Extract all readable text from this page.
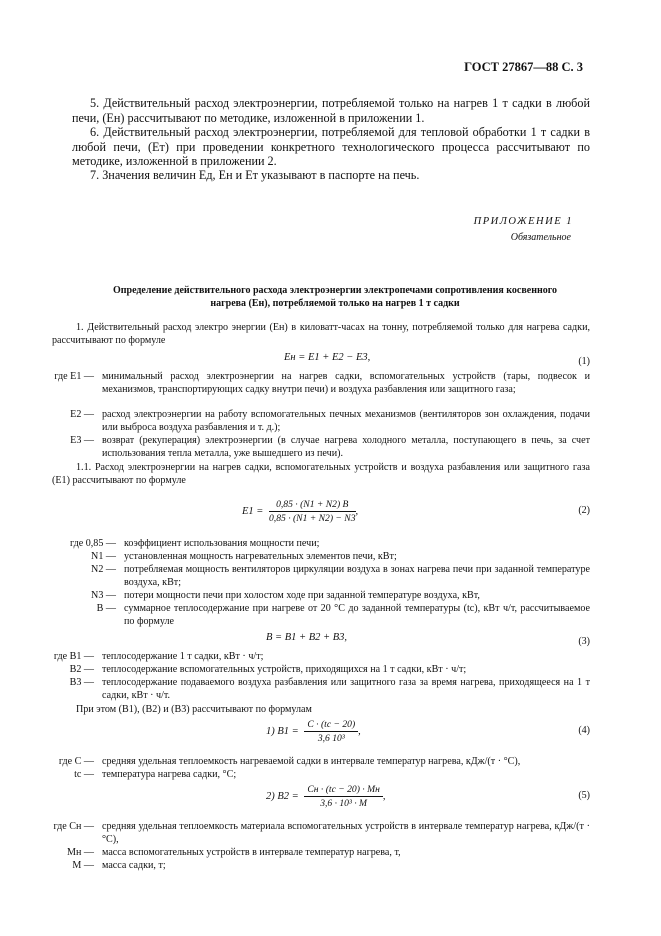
ГОСТ 27867—88 С. 3
5. Действительный расход электроэнергии, потребляемой только на нагрев 1 т садки в любой печи, (Eн) рассчитывают по методике, изложенной в приложении 1.
6. Действительный расход электроэнергии, потребляемой для тепловой обработки 1 т садки в любой печи, (Eт) при проведении конкретного технологического процесса рассчитывают по методике, изложенной в приложении 2.
7. Значения величин Eд, Eн и Eт указывают в паспорте на печь.
ПРИЛОЖЕНИЕ 1
Обязательное
Определение действительного расхода электроэнергии электропечами сопротивления косвенного
нагрева (Eн), потребляемой только на нагрев 1 т садки
1. Действительный расход электро энергии (Eн) в киловатт-часах на тонну, потребляемой только для нагрева садки, рассчитывают по формуле
Eн = E1 + E2 − E3,	(1)
где E1 — минимальный расход электроэнергии на нагрев садки, вспомогательных устройств (тары, подвесок и механизмов, транспортирующих садку внутри печи) и воздуха разбавления или защитного газа;
E2 — расход электроэнергии на работу вспомогательных печных механизмов (вентиляторов зон охлаждения, подачи или выброса воздуха разбавления и т. д.);
E3 — возврат (рекуперация) электроэнергии (в случае нагрева холодного металла, поступающего в печь, за счет использования тепла металла, уже вышедшего из печи).
1.1. Расход электроэнергии на нагрев садки, вспомогательных устройств и воздуха разбавления или защитного газа (E1) рассчитывают по формуле
$E1 = \frac{0,85 \cdot (N1 + N2) B}{0,85 \cdot (N1 + N2) - N3}$ ,	(2)
где 0,85 — коэффициент использования мощности печи;
N1 — установленная мощность нагревательных элементов печи, кВт;
N2 — потребляемая мощность вентиляторов циркуляции воздуха в зонах нагрева печи при заданной температуре воздуха, кВт;
N3 — потери мощности печи при холостом ходе при заданной температуре воздуха, кВт,
B — суммарное теплосодержание при нагреве от 20 °С до заданной температуры (tс), кВт ч/т, рассчитываемое по формуле
B = B1 + B2 + B3,	(3)
где B1 — теплосодержание 1 т садки, кВт · ч/т;
B2 — теплосодержание вспомогательных устройств, приходящихся на 1 т садки, кВт · ч/т;
B3 — теплосодержание подаваемого воздуха разбавления или защитного газа за время нагрева, приходящееся на 1 т садки, кВт · ч/т.
При этом (B1), (B2) и (B3) рассчитывают по формулам
1) $B1 = \frac{C \cdot (tс - 20)}{\text{3,6 10³}}$ ,	(4)
где C — средняя удельная теплоемкость нагреваемой садки в интервале температур нагрева, кДж/(т · °С),
tс — температура нагрева садки, °С;
2) $B2 = \frac{Cн \cdot (tс - 20) \cdot Mн}{\text{3,6 · 10³ · M}}$ ,	(5)
где Cн — средняя удельная теплоемкость материала вспомогательных устройств в интервале температур нагрева, кДж/(т · °С),
Mн — масса вспомогательных устройств в интервале температур нагрева, т,
M — масса садки, т;
